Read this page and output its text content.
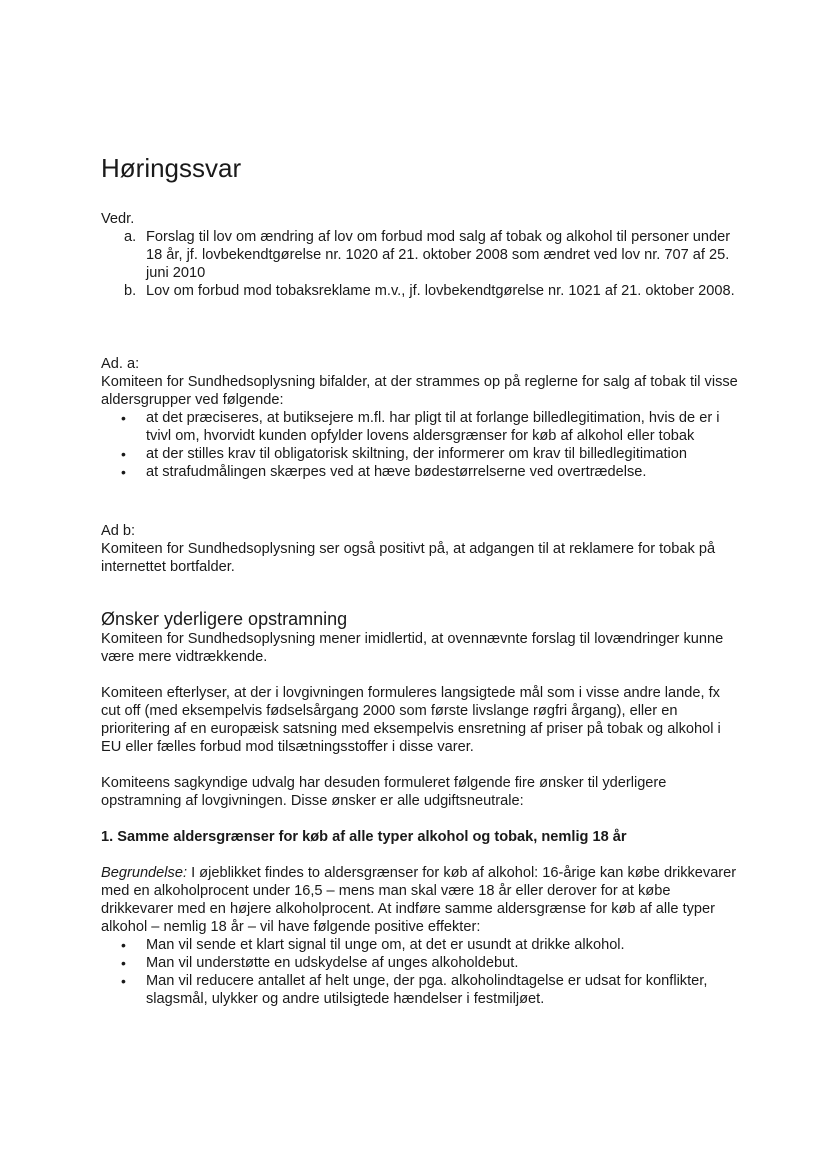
Høringssvar

Vedr.

a. Forslag til lov om ændring af lov om forbud mod salg af tobak og alkohol til personer under 18 år, jf. lovbekendtgørelse nr. 1020 af 21. oktober 2008 som ændret ved lov nr. 707 af 25. juni 2010
b. Lov om forbud mod tobaksreklame m.v., jf. lovbekendtgørelse nr. 1021 af 21. oktober 2008.

Ad. a:

Komiteen for Sundhedsoplysning bifalder, at der strammes op på reglerne for salg af tobak til visse aldersgrupper ved følgende:

• at det præciseres, at butiksejere m.fl. har pligt til at forlange billedlegitimation, hvis de er i tvivl om, hvorvidt kunden opfylder lovens aldersgrænser for køb af alkohol eller tobak
• at der stilles krav til obligatorisk skiltning, der informerer om krav til billedlegitimation
• at strafudmålingen skærpes ved at hæve bødestørrelserne ved overtrædelse.

Ad b:

Komiteen for Sundhedsoplysning ser også positivt på, at adgangen til at reklamere for tobak på internettet bortfalder.

Ønsker yderligere opstramning

Komiteen for Sundhedsoplysning mener imidlertid, at ovennævnte forslag til lovændringer kunne være mere vidtrækkende.

Komiteen efterlyser, at der i lovgivningen formuleres langsigtede mål som i visse andre lande, fx cut off (med eksempelvis fødselsårgang 2000 som første livslange røgfri årgang), eller en prioritering af en europæisk satsning med eksempelvis ensretning af priser på tobak og alkohol i EU eller fælles forbud mod tilsætningsstoffer i disse varer.

Komiteens sagkyndige udvalg har desuden formuleret følgende fire ønsker til yderligere opstramning af lovgivningen. Disse ønsker er alle udgiftsneutrale:

1. Samme aldersgrænser for køb af alle typer alkohol og tobak, nemlig 18 år

Begrundelse: I øjeblikket findes to aldersgrænser for køb af alkohol: 16-årige kan købe drikkevarer med en alkoholprocent under 16,5 – mens man skal være 18 år eller derover for at købe drikkevarer med en højere alkoholprocent. At indføre samme aldersgrænse for køb af alle typer alkohol – nemlig 18 år – vil have følgende positive effekter:

• Man vil sende et klart signal til unge om, at det er usundt at drikke alkohol.
• Man vil understøtte en udskydelse af unges alkoholdebut.
• Man vil reducere antallet af helt unge, der pga. alkoholindtagelse er udsat for konflikter, slagsmål, ulykker og andre utilsigtede hændelser i festmiljøet.
